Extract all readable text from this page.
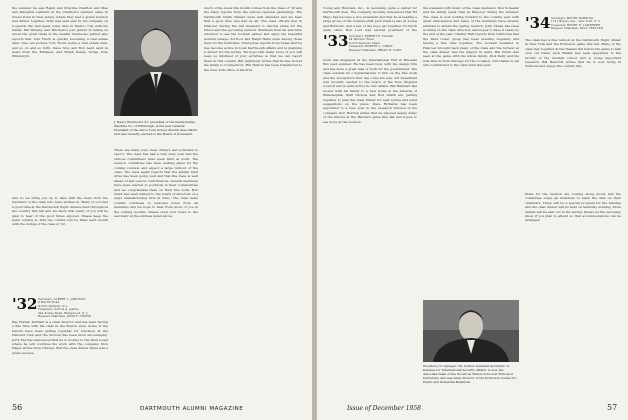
the summer he saw Ralph and Priscilla Charlton and Max and Margaret Lambert at the Charlton's summer camp in Green Pond in New Jersey, where they had a grand reunion and dinner together. Grits was sent east by his company on a special trip and spent some days in Mexico City with his family. Bill Murphy and Bill Peirce join Jabber in telling us about the great times in the weekly luncheons. Jabber also reports that Tom Thorn is quickly becoming a real estate man. One can picture Tom Thorn being a real estate man, and so on and so forth. Dave Stoy and Bob Ladd send in news from the Midwest, and Ralph Kelsey writes from Pittsburgh.
'32 Secretary, ALBERT L. JOHNSON
9 Merrill Road
North Caldwell, N. J.
Treasurer, warren a. jeanne
344 Arlene Road, Ridgewood, N. J.
Bequest Chairman, JOHN F. CROWE
Ray Farber, Durham is a class director and has been having a fine time with the class in the Boston area. Some of the fellows have been getting together for luncheon at the Harvard Club and the turnout has been most encouraging. Jerry Fay has announced that he is moving to the West Coast where he will continue his work with the company. Dick Hayes writes from Chicago that the class dinner there was a great success.
And so we bring you up to date with the news from the members of the class who have written in. Many of you had a good time at the Dartmouth Night dinners held throughout the country this fall and we know that many of you will be glad to hear of the good times enjoyed. Please keep the news coming so that the column will be filled each month with the doings of the class of '32.
J. Henry Richmond '31, president of the Pennsylvania Machine Co. of Pittsburgh, is the new General President of the Amos Tuck School Alumni Association and was recently elected to the Board of Overseers.
There are many new class officers and activities to report. The class has had a very busy year and the various committees have been hard at work. The reunion committee has been making plans for the coming reunion and expect a large turnout of the class. The class agent reports that the alumni fund drive has been going well and that the class is well ahead of last year in contributions. Several members have been elected to positions in their communities and we congratulate them on their fine work. Bob Clark has been named to the board of directors of a large manufacturing firm in Ohio. The class news column continues to welcome notes from all members and we hope to hear from more of you in the coming months. Please send your news to the secretary at the address listed above.
much of the news this month comes from the class of '33 and the many reports from the various regional gatherings. The Dartmouth Night dinners were well attended and we hear that a good time was had by all. The class officers met in Hanover during the fall weekend to discuss plans for the future and the upcoming reunion. Members from far and wide returned to see the football games and enjoy the beautiful autumn foliage. Ed Poor and Ralph Hand were among those back for the festivities. Fred Jones reports from Texas that he has become active in local Dartmouth affairs and is planning a dinner for the spring. We hope that many more of you will keep us informed of your activities so that we can report them in this column. Bill Lightbody writes that he has moved his family to Connecticut. Phil Harlow has been transferred to the New York office of his firm.
56	DARTMOUTH ALUMNI MAGAZINE
'33 Secretary, ROBERT E. HAAGE
64 Windsor Road
North Andover, Mass.
Treasurer, ROBERT L. CABOT
Bequest Chairman, BRIAN H. LANE
Young and Rubicam, Inc., is becoming quite a center for Dartmouth men. The company recently announced that Ed Mayo has become a vice president and that he is leading a large group of the creative staff. Jack Clark is also at Young and Rubicam, and a few of the boys get together for lunch quite often. Bob Lord was elected president of the
work was displayed at the International Fair in Brussels this past summer. He has been busy with his design firm and has done a great deal of work for the government. The class extends its congratulations to him on the fine work and the recognition that has come his way. Art Greenfield was recently elected to the board of the New England Council and is quite active in civic affairs. Bill Hubbard has moved with his family to a new home in the suburbs of Philadelphia. Walt Nichols and Rod Smith are getting together to plan the class dinner for next spring and want suggestions on the place. Dave Richards has been appointed to a new post in the research division of his company. Don Herrick writes that he enjoyed seeing many of the fellows at the Harvard game this fall and hopes to see more at the reunion.
the weekend with many of the class members. Bob Schaefer and his family spent time in Hanover during the summer. The class is now looking forward to the coming year with great anticipation and many of the members have already planned to attend the spring reunion. John Chase has been working on the class directory and hopes to have it ready by the end of the year. Charley Hall reports from California that the West Coast group has been meeting regularly and having a fine time together. The football weekend in Hanover brought back many of the class and the turnout at the class dinner was the largest in years. Bill Nevin was seen at the game with his whole family. Dick Kelly and his wife flew in from Chicago for the occasion. Our thanks to all who contributed to the class fund this year.
Woodbury D. Sprague '34, former Assistant Secretary of Defense for International Security Affairs, is now the Associate Dean of the Woodrow Wilson School at Princeton University, and executive director of the Princeton Center for Public and Industrial Relations.
'34 Secretary, HENRY HARDING
1141 Breezy Ave., New York, N. Y.
Treasurer, HENRY B. LAMPHERE
Bequest Chairman, PAUL TRELLER
The class had a fine turnout at the Dartmouth Night dinner in New York and the Princeton game this fall. Many of the class met together at the Nassau Inn before the game to talk over old times. Jack Walker has been appointed to the faculty of the medical school and is doing important research. Bill Bancroft writes that he is now living in Vermont and enjoys the country life.
Plans for the reunion are coming along nicely and the committee urges all members to mark the date on their calendars. There will be a special program for the families and the class dinner will be held on Saturday evening. More details will be sent out in the spring. Please let the secretary know if you plan to attend so that accommodations can be arranged.
Issue of December 1958	57
